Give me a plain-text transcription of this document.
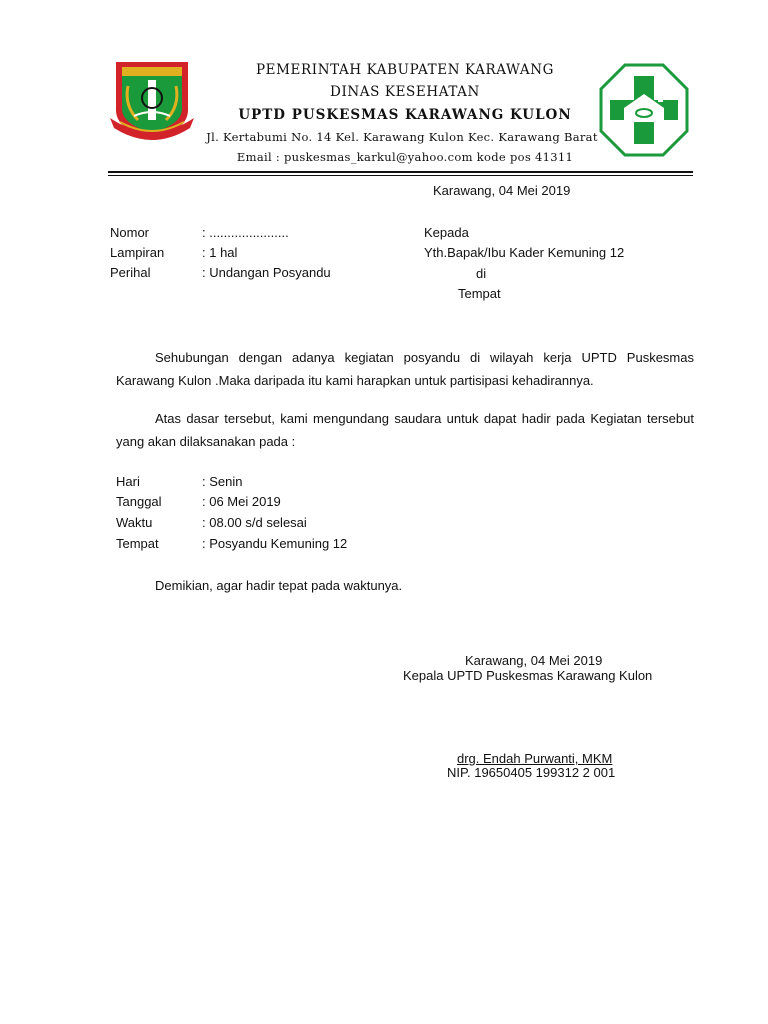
PEMERINTAH KABUPATEN KARAWANG
DINAS KESEHATAN
UPTD PUSKESMAS KARAWANG KULON
Jl. Kertabumi No. 14 Kel. Karawang Kulon Kec. Karawang Barat
Email : puskesmas_karkul@yahoo.com kode pos 41311
Karawang, 04 Mei 2019
Nomor	: ......................
Lampiran	: 1 hal
Perihal	: Undangan Posyandu
Kepada
Yth.Bapak/Ibu Kader Kemuning 12
di
Tempat
Sehubungan dengan adanya kegiatan posyandu di wilayah kerja UPTD Puskesmas Karawang Kulon .Maka daripada itu kami harapkan untuk partisipasi kehadirannya.
Atas dasar tersebut, kami mengundang saudara untuk dapat hadir pada Kegiatan tersebut yang akan dilaksanakan pada :
Hari	: Senin
Tanggal	: 06 Mei 2019
Waktu	: 08.00 s/d selesai
Tempat	: Posyandu Kemuning 12
Demikian, agar hadir tepat pada waktunya.
Karawang, 04 Mei 2019
Kepala UPTD Puskesmas Karawang Kulon
drg. Endah Purwanti, MKM
NIP. 19650405 199312 2 001
